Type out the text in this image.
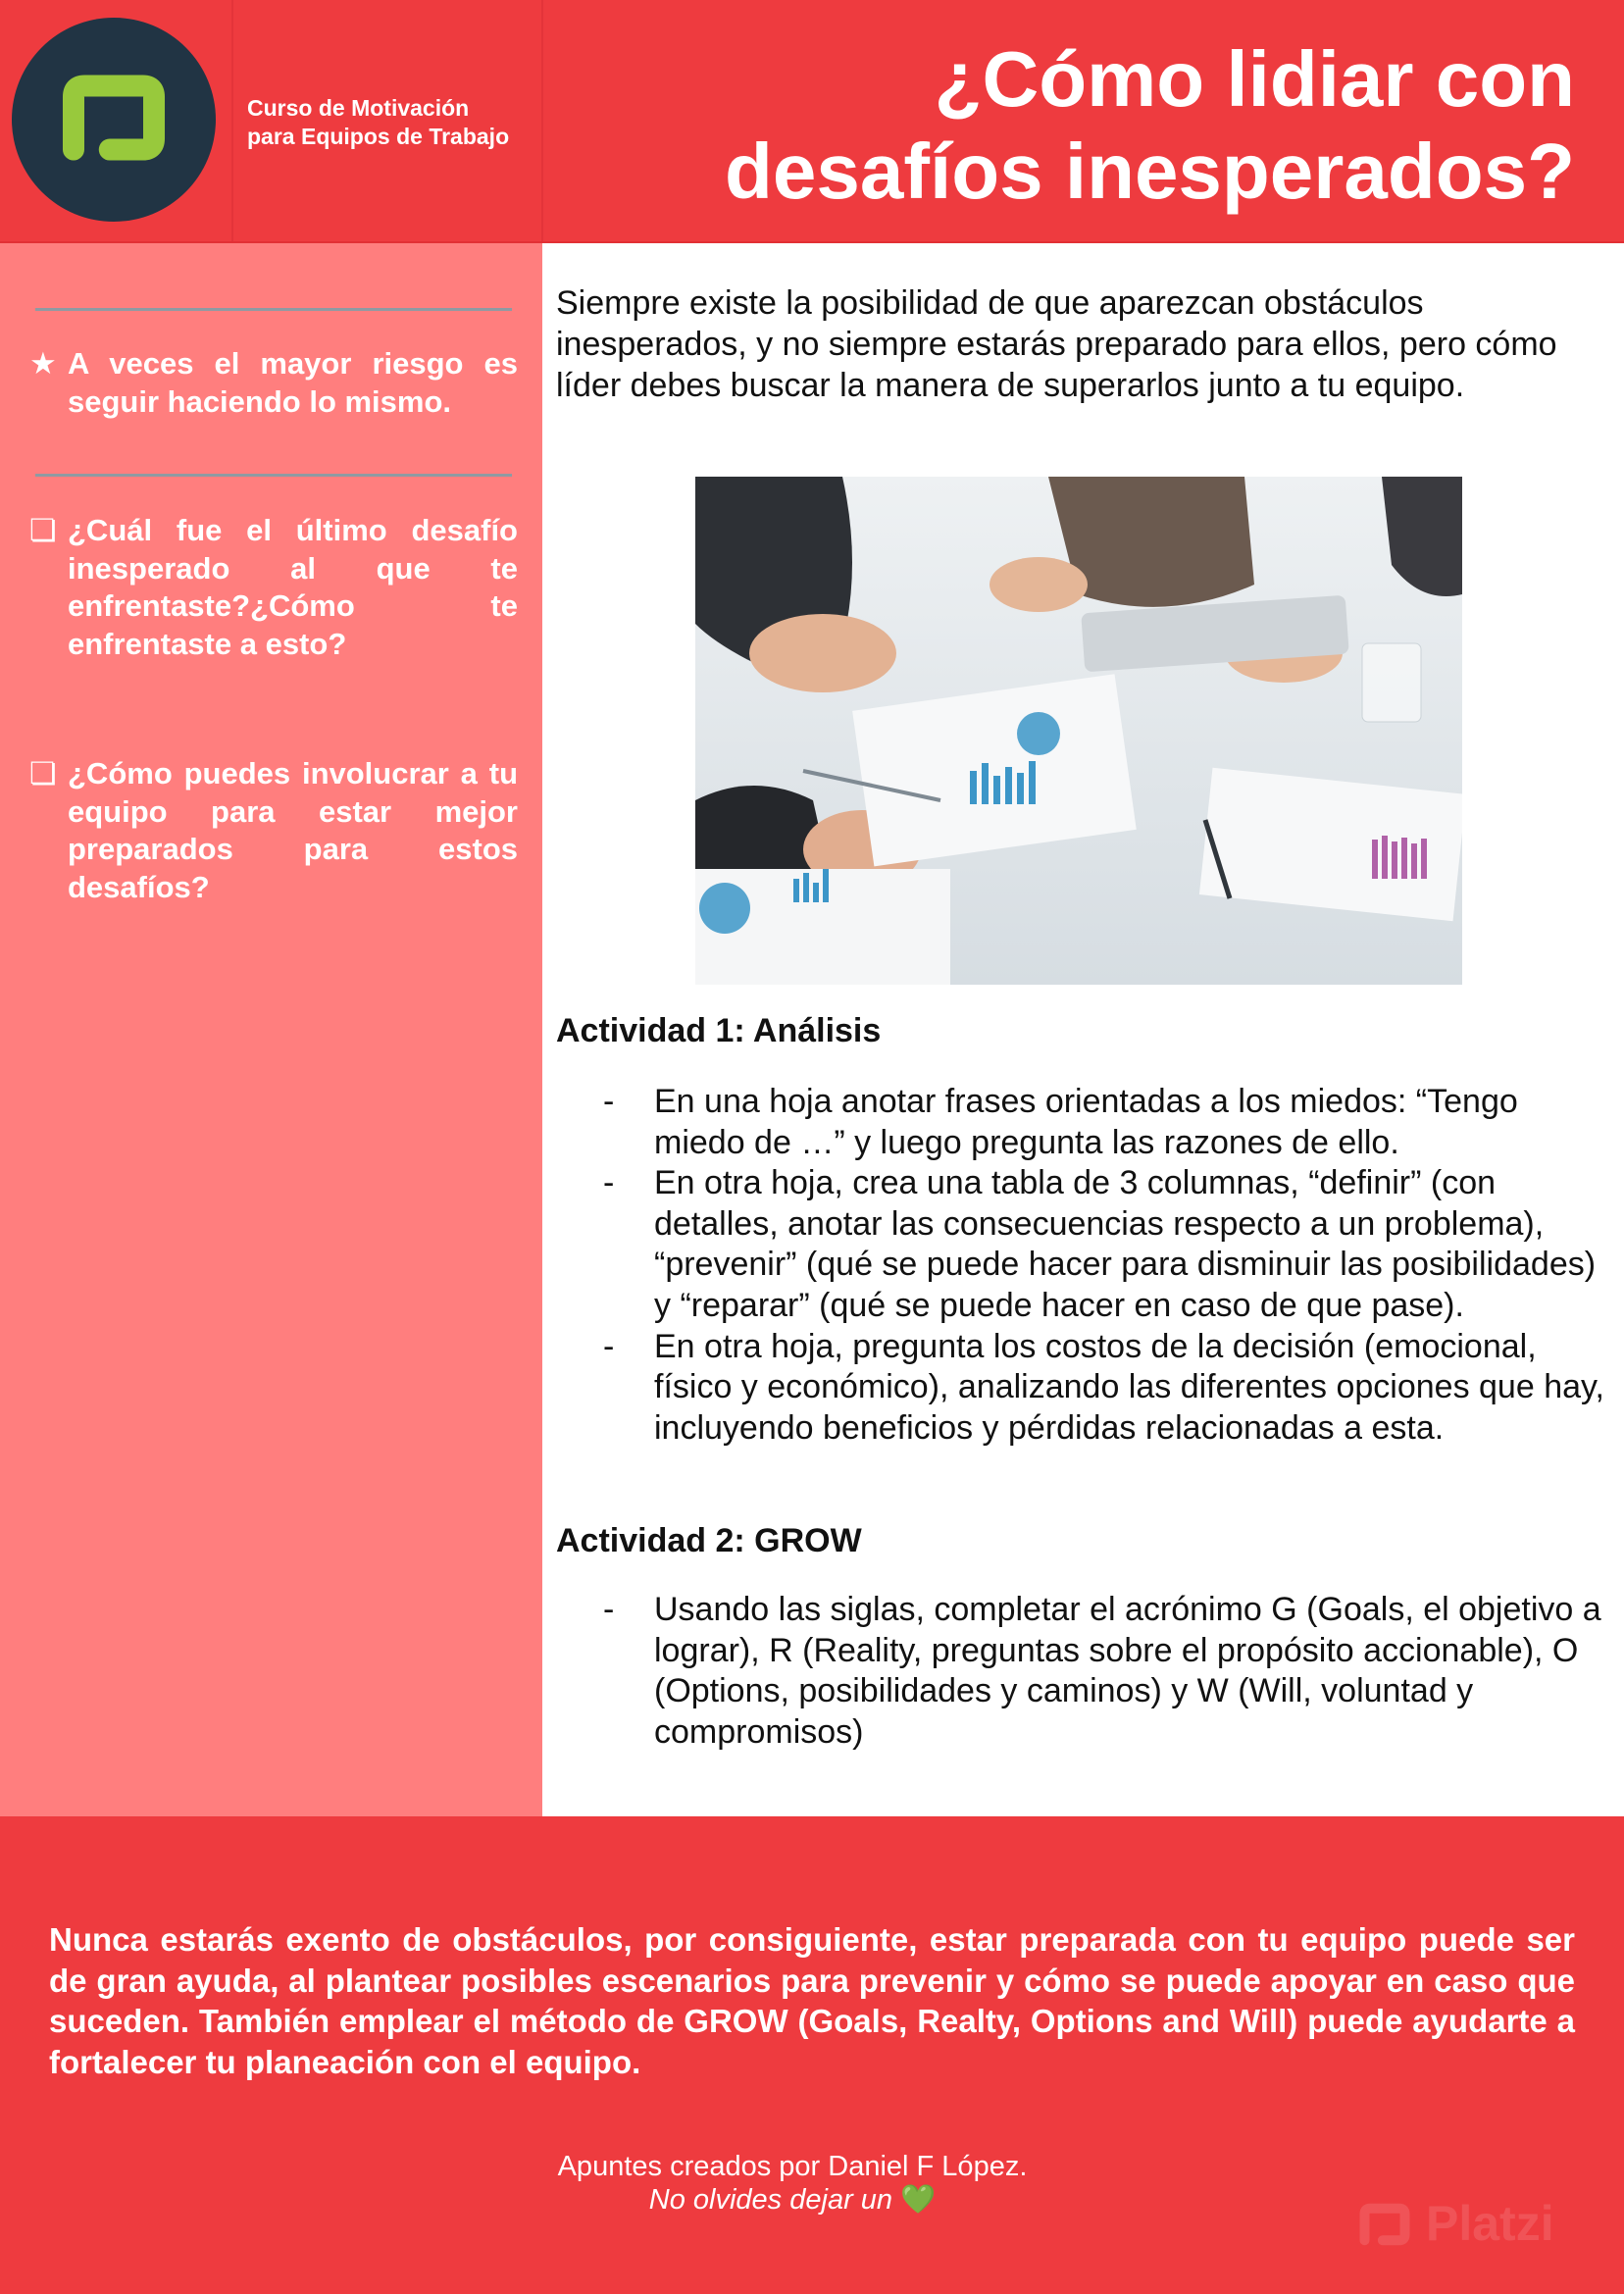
Curso de Motivación
para Equipos de Trabajo
¿Cómo lidiar con
desafíos inesperados?
★ A veces el mayor riesgo es seguir haciendo lo mismo.
❏ ¿Cuál fue el último desafío inesperado al que te enfrentaste?¿Cómo te enfrentaste a esto?
❏ ¿Cómo puedes involucrar a tu equipo para estar mejor preparados para estos desafíos?
Siempre existe la posibilidad de que aparezcan obstáculos inesperados, y no siempre estarás preparado para ellos, pero cómo líder debes buscar la manera de superarlos junto a tu equipo.
Actividad 1: Análisis
- En una hoja anotar frases orientadas a los miedos: “Tengo miedo de …” y luego pregunta las razones de ello.
- En otra hoja, crea una tabla de 3 columnas, “definir” (con detalles, anotar las consecuencias respecto a un problema), “prevenir” (qué se puede hacer para disminuir las posibilidades) y “reparar” (qué se puede hacer en caso de que pase).
- En otra hoja, pregunta los costos de la decisión (emocional, físico y económico), analizando las diferentes opciones que hay, incluyendo beneficios y pérdidas relacionadas a esta.
Actividad 2: GROW
- Usando las siglas, completar el acrónimo G (Goals, el objetivo a lograr), R (Reality, preguntas sobre el propósito accionable), O (Options, posibilidades y caminos) y W (Will, voluntad y compromisos)
Nunca estarás exento de obstáculos, por consiguiente, estar preparada con tu equipo puede ser de gran ayuda, al plantear posibles escenarios para prevenir y cómo se puede apoyar en caso que suceden. También emplear el método de GROW (Goals, Realty, Options and Will) puede ayudarte a fortalecer tu planeación con el equipo.
Apuntes creados por Daniel F López.
No olvides dejar un 💚	Platzi
